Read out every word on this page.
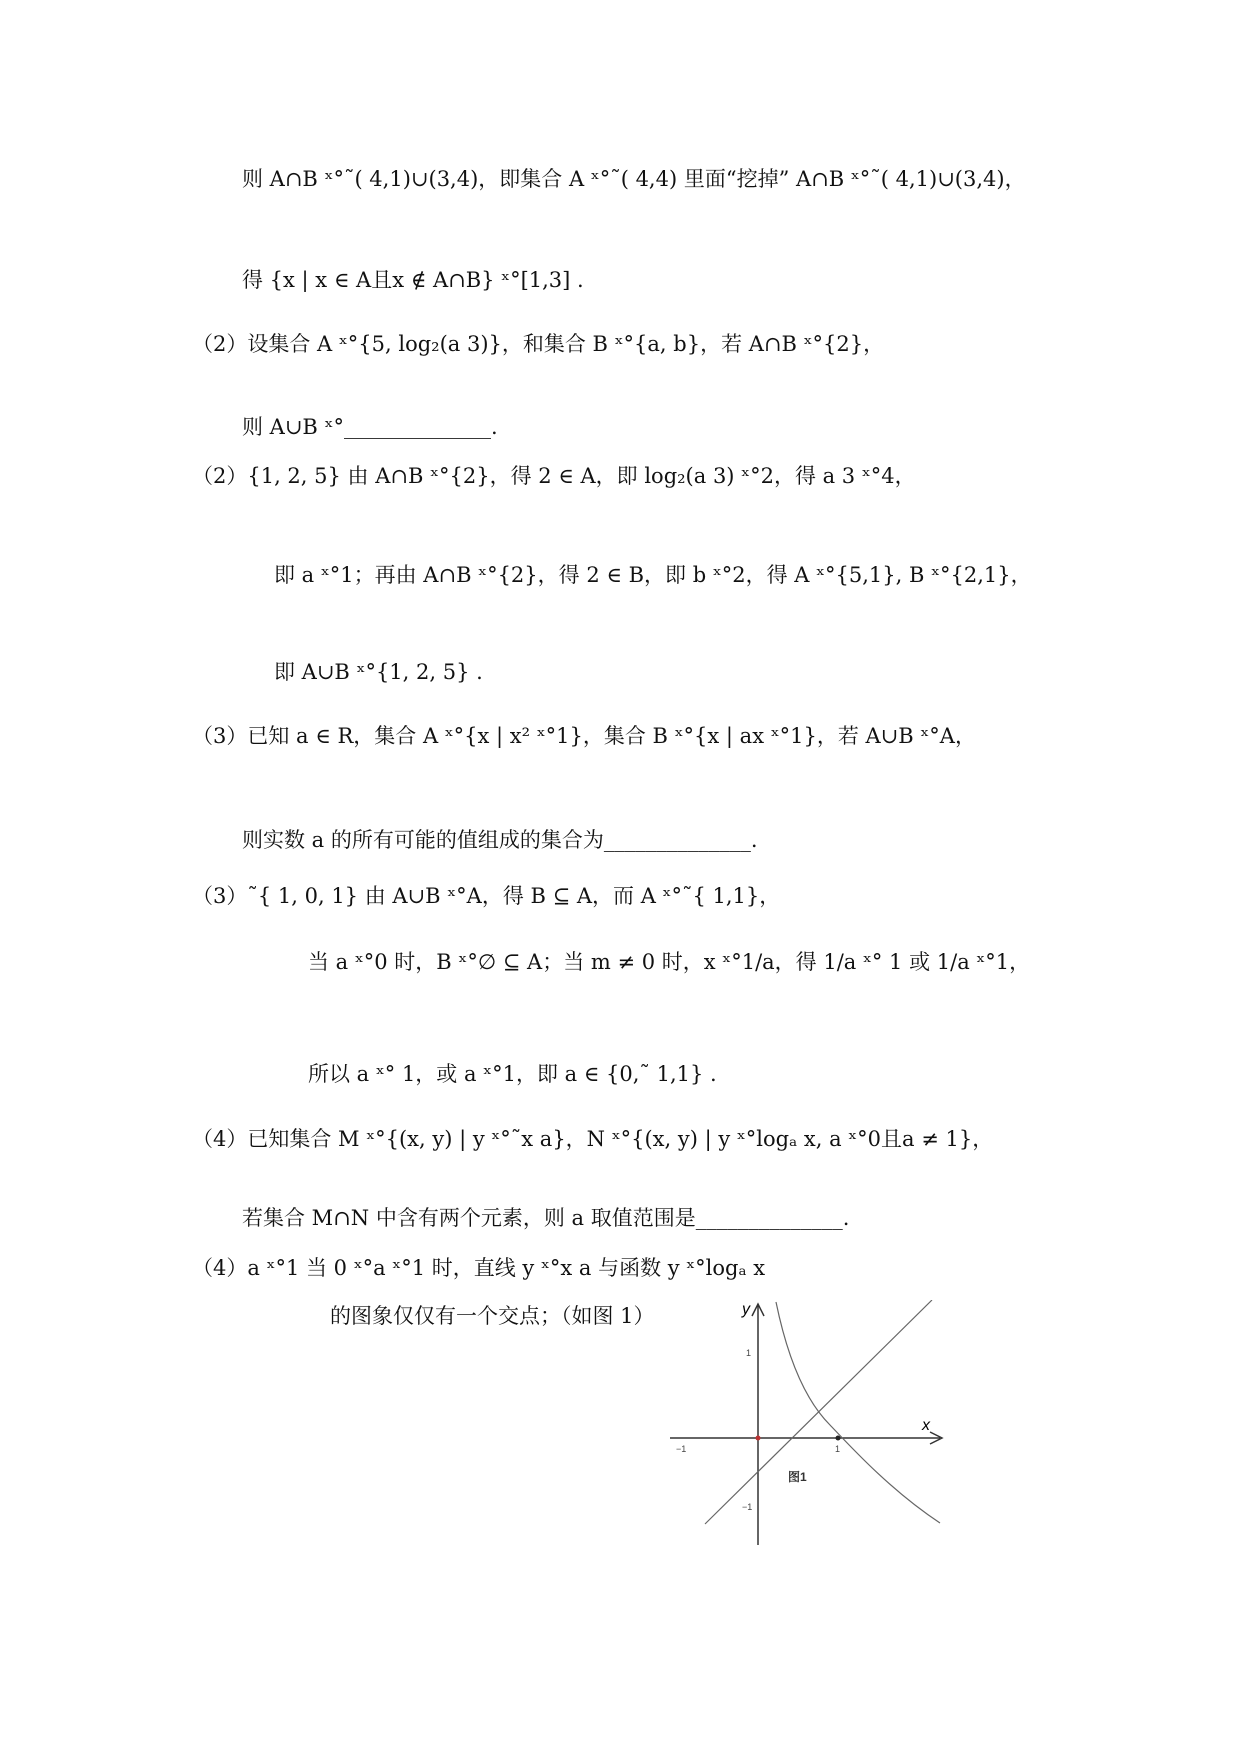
则 A∩B ˣ°˜( 4,1)∪(3,4)，即集合 A ˣ°˜( 4,4) 里面“挖掉” A∩B ˣ°˜( 4,1)∪(3,4)，
得 {x | x ∈ A且x ∉ A∩B} ˣ°[1,3] .
（2）设集合 A ˣ°{5, log₂(a 3)}，和集合 B ˣ°{a, b}，若 A∩B ˣ°{2}，
则 A∪B ˣ°______________.
（2）{1, 2, 5} 由 A∩B ˣ°{2}，得 2 ∈ A，即 log₂(a 3) ˣ°2，得 a 3 ˣ°4，
即 a ˣ°1；再由 A∩B ˣ°{2}，得 2 ∈ B，即 b ˣ°2，得 A ˣ°{5,1}, B ˣ°{2,1}，
即 A∪B ˣ°{1, 2, 5} .
（3）已知 a ∈ R，集合 A ˣ°{x | x² ˣ°1}，集合 B ˣ°{x | ax ˣ°1}，若 A∪B ˣ°A，
则实数 a 的所有可能的值组成的集合为______________.
（3）˜{ 1, 0, 1} 由 A∪B ˣ°A，得 B ⊆ A，而 A ˣ°˜{ 1,1}，
当 a ˣ°0 时，B ˣ°∅ ⊆ A；当 m ≠ 0 时，x ˣ°1/a，得 1/a ˣ° 1 或 1/a ˣ°1，
所以 a ˣ° 1，或 a ˣ°1，即 a ∈ {0,˜ 1,1} .
（4）已知集合 M ˣ°{(x, y) | y ˣ°˜x a}，N ˣ°{(x, y) | y ˣ°logₐ x, a ˣ°0且a ≠ 1}，
若集合 M∩N 中含有两个元素，则 a 取值范围是______________.
（4）a ˣ°1 当 0 ˣ°a ˣ°1 时，直线 y ˣ°x a 与函数 y ˣ°logₐ x
的图象仅仅有一个交点；（如图 1）
x
y
−1	1
1
−1
图1
